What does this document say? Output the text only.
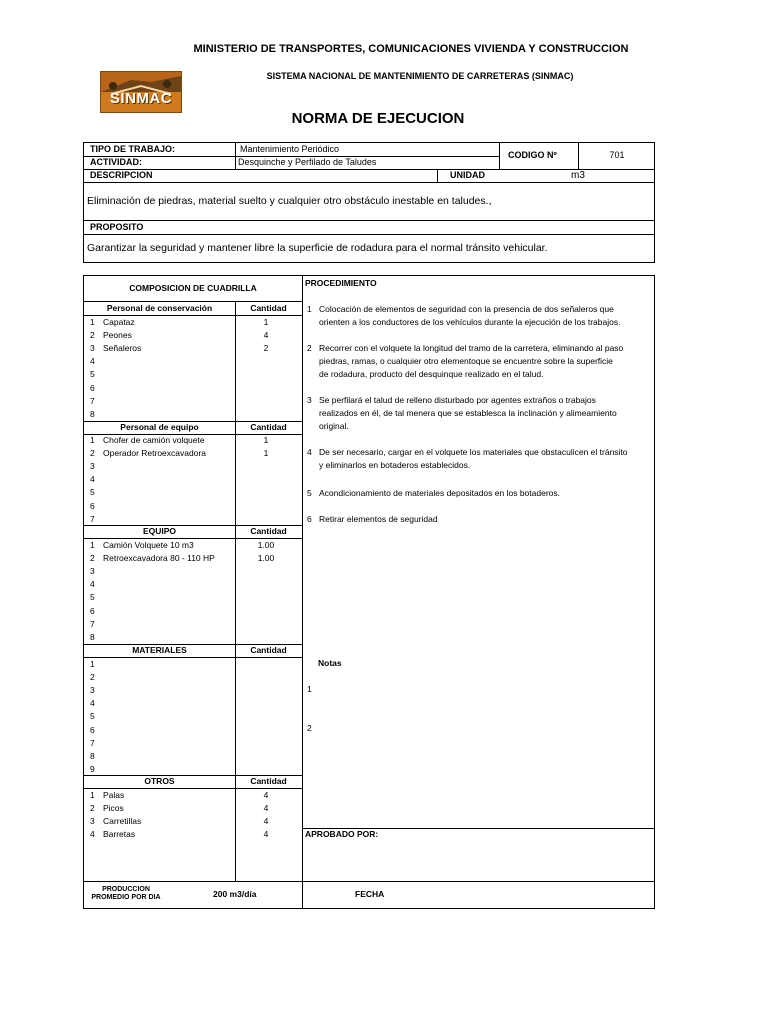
MINISTERIO DE TRANSPORTES, COMUNICACIONES VIVIENDA Y CONSTRUCCION
SINMAC
SISTEMA NACIONAL DE MANTENIMIENTO DE CARRETERAS (SINMAC)
NORMA DE EJECUCION
TIPO DE TRABAJO:	Mantenimiento Periódico
ACTIVIDAD:	Desquinche y Perfilado de Taludes
CODIGO Nº	701
DESCRIPCION	UNIDAD	m3
Eliminación de piedras, material suelto y cualquier otro obstáculo inestable en taludes.,
PROPOSITO
Garantizar la seguridad y mantener libre la superficie de rodadura para el normal tránsito vehicular.
COMPOSICION DE CUADRILLA	PROCEDIMIENTO
Personal de conservación	Cantidad
1 Capataz	1
2 Peones	4
3 Señaleros	2
4
5
6
7
8
Personal de equipo	Cantidad
1 Chofer de camión volquete	1
2 Operador Retroexcavadora	1
3
4
5
6
7
EQUIPO	Cantidad
1 Camión Volquete 10 m3	1.00
2 Retroexcavadora 80 - 110 HP	1.00
3
4
5
6
7
8
MATERIALES	Cantidad
1
2
3
4
5
6
7
8
9
OTROS	Cantidad
1 Palas	4
2 Picos	4
3 Carretillas	4
4 Barretas	4
1 Colocación de elementos de seguridad con la presencia de dos señaleros que
orienten a los conductores de los vehículos durante la ejecución de los trabajos.
2 Recorrer con el volquete la longitud del tramo de la carretera, eliminando al paso
piedras, ramas, o cualquier otro elementoque se encuentre sobre la superficie
de rodadura, producto del desquinque realizado en el talud.
3 Se perfilará el talud de relleno disturbado por agentes extraños o trabajos
realizados en él, de tal menera que se establesca la inclinación y alimeamiento
original.
4 De ser necesario, cargar en el volquete los materiales que obstaculicen el tránsito
y eliminarlos en botaderos establecidos.
5 Acondicionamiento de materiales depositados en los botaderos.
6 Retirar elementos de seguridad
Notas
1
2
APROBADO POR:
PRODUCCION
PROMEDIO POR DIA	200 m3/día	FECHA
